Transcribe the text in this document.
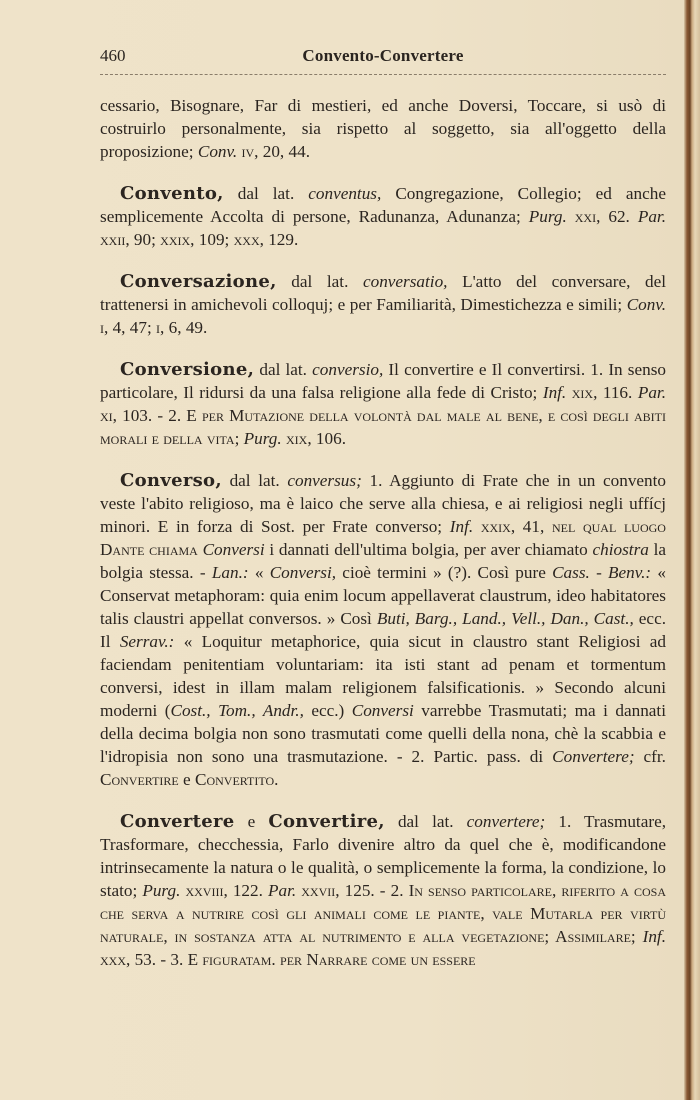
460	Convento-Convertere

cessario, Bisognare, Far di mestieri, ed anche Doversi, Toccare, si usò di costruirlo personalmente, sia rispetto al soggetto, sia all'oggetto della proposizione; Conv. iv, 20, 44.

Convento, dal lat. conventus, Congregazione, Collegio; ed anche semplicemente Accolta di persone, Radunanza, Adunanza; Purg. xxi, 62. Par. xxii, 90; xxix, 109; xxx, 129.

Conversazione, dal lat. conversatio, L'atto del conversare, del trattenersi in amichevoli colloquj; e per Familiarità, Dimestichezza e simili; Conv. i, 4, 47; i, 6, 49.

Conversione, dal lat. conversio, Il convertire e Il convertirsi. 1. In senso particolare, Il ridursi da una falsa religione alla fede di Cristo; Inf. xix, 116. Par. xi, 103. - 2. E per Mutazione della volontà dal male al bene, e così degli abiti morali e della vita; Purg. xix, 106.

Converso, dal lat. conversus; 1. Aggiunto di Frate che in un convento veste l'abito religioso, ma è laico che serve alla chiesa, e ai religiosi negli uffícj minori. E in forza di Sost. per Frate converso; Inf. xxix, 41, nel qual luogo Dante chiama Conversi i dannati dell'ultima bolgia, per aver chiamato chiostra la bolgia stessa. - Lan.: « Conversi, cioè termini » (?). Così pure Cass. - Benv.: « Conservat metaphoram: quia enim locum appellaverat claustrum, ideo habitatores talis claustri appellat conversos. » Così Buti, Barg., Land., Vell., Dan., Cast., ecc. Il Serrav.: « Loquitur metaphorice, quia sicut in claustro stant Religiosi ad faciendam penitentiam voluntariam: ita isti stant ad penam et tormentum conversi, idest in illam malam religionem falsificationis. » Secondo alcuni moderni (Cost., Tom., Andr., ecc.) Conversi varrebbe Trasmutati; ma i dannati della decima bolgia non sono trasmutati come quelli della nona, chè la scabbia e l'idropisia non sono una trasmutazione. - 2. Partic. pass. di Convertere; cfr. Convertire e Convertito.

Convertere e Convertire, dal lat. convertere; 1. Trasmutare, Trasformare, checchessia, Farlo divenire altro da quel che è, modificandone intrinsecamente la natura o le qualità, o semplicemente la forma, la condizione, lo stato; Purg. xxviii, 122. Par. xxvii, 125. - 2. In senso particolare, riferito a cosa che serva a nutrire così gli animali come le piante, vale Mutarla per virtù naturale, in sostanza atta al nutrimento e alla vegetazione; Assimilare; Inf. xxx, 53. - 3. E figuratam. per Narrare come un essere
